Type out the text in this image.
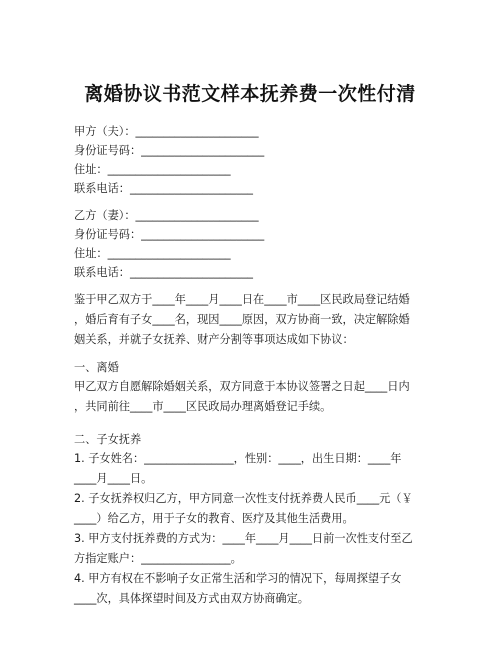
离婚协议书范文样本抚养费一次性付清

甲方（夫）：______________________

身份证号码：______________________

住址：______________________

联系电话：______________________

乙方（妻）：______________________

身份证号码：______________________

住址：______________________

联系电话：______________________

鉴于甲乙双方于____年____月____日在____市____区民政局登记结婚

，婚后育有子女____名，现因____原因，双方协商一致，决定解除婚

姻关系，并就子女抚养、财产分割等事项达成如下协议：

一、离婚

甲乙双方自愿解除婚姻关系，双方同意于本协议签署之日起____日内

，共同前往____市____区民政局办理离婚登记手续。

二、子女抚养

1. 子女姓名：________________，性别：____，出生日期：____年

____月____日。

2. 子女抚养权归乙方，甲方同意一次性支付抚养费人民币____元（￥

____）给乙方，用于子女的教育、医疗及其他生活费用。

3. 甲方支付抚养费的方式为：____年____月____日前一次性支付至乙

方指定账户：________________。

4. 甲方有权在不影响子女正常生活和学习的情况下，每周探望子女

____次，具体探望时间及方式由双方协商确定。
